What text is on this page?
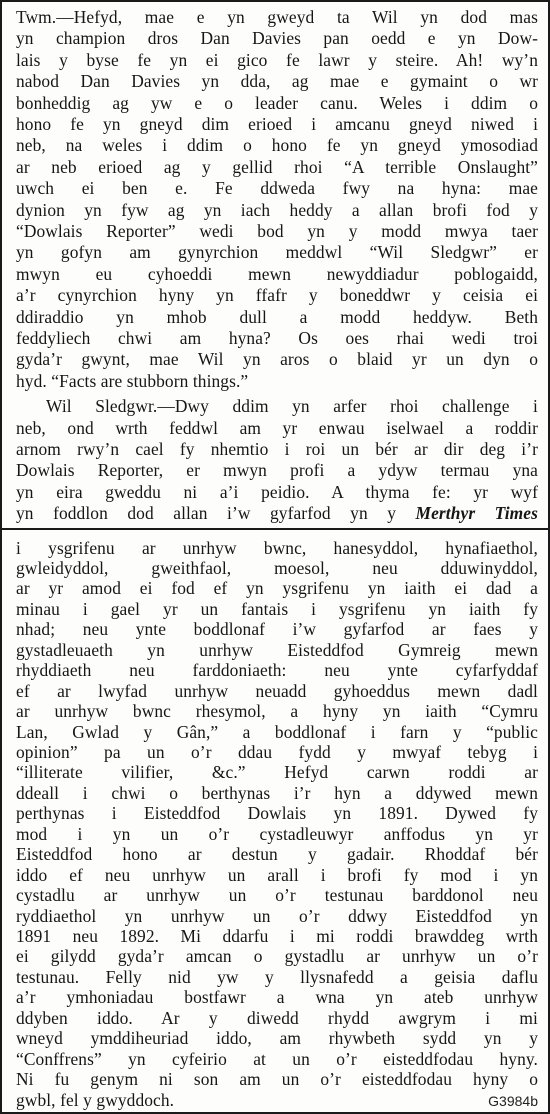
Twm.—Hefyd, mae e yn gweyd ta Wil yn dod mas
yn champion dros Dan Davies pan oedd e yn Dow-
lais y byse fe yn ei gico fe lawr y steire. Ah! wy’n
nabod Dan Davies yn dda, ag mae e gymaint o wr
bonheddig ag yw e o leader canu. Weles i ddim o
hono fe yn gneyd dim erioed i amcanu gneyd niwed i
neb, na weles i ddim o hono fe yn gneyd ymosodiad
ar neb erioed ag y gellid rhoi “A terrible Onslaught”
uwch ei ben e. Fe ddweda fwy na hyna: mae
dynion yn fyw ag yn iach heddy a allan brofi fod y
“Dowlais Reporter” wedi bod yn y modd mwya taer
yn gofyn am gynyrchion meddwl “Wil Sledgwr” er
mwyn eu cyhoeddi mewn newyddiadur poblogaidd,
a’r cynyrchion hyny yn ffafr y boneddwr y ceisia ei
ddiraddio yn mhob dull a modd heddyw. Beth
feddyliech chwi am hyna? Os oes rhai wedi troi
gyda’r gwynt, mae Wil yn aros o blaid yr un dyn o
hyd. “Facts are stubborn things.”
Wil Sledgwr.—Dwy ddim yn arfer rhoi challenge i
neb, ond wrth feddwl am yr enwau iselwael a roddir
arnom rwy’n cael fy nhemtio i roi un bér ar dir deg i’r
Dowlais Reporter, er mwyn profi a ydyw termau yna
yn eira gweddu ni a’i peidio. A thyma fe: yr wyf
yn foddlon dod allan i’w gyfarfod yn y Merthyr Times
i ysgrifenu ar unrhyw bwnc, hanesyddol, hynafiaethol,
gwleidyddol, gweithfaol, moesol, neu dduwinyddol,
ar yr amod ei fod ef yn ysgrifenu yn iaith ei dad a
minau i gael yr un fantais i ysgrifenu yn iaith fy
nhad; neu ynte boddlonaf i’w gyfarfod ar faes y
gystadleuaeth yn unrhyw Eisteddfod Gymreig mewn
rhyddiaeth neu farddoniaeth: neu ynte cyfarfyddaf
ef ar lwyfad unrhyw neuadd gyhoeddus mewn dadl
ar unrhyw bwnc rhesymol, a hyny yn iaith “Cymru
Lan, Gwlad y Gân,” a boddlonaf i farn y “public
opinion” pa un o’r ddau fydd y mwyaf tebyg i
“illiterate vilifier, &c.” Hefyd carwn roddi ar
ddeall i chwi o berthynas i’r hyn a ddywed mewn
perthynas i Eisteddfod Dowlais yn 1891. Dywed fy
mod i yn un o’r cystadleuwyr anffodus yn yr
Eisteddfod hono ar destun y gadair. Rhoddaf bér
iddo ef neu unrhyw un arall i brofi fy mod i yn
cystadlu ar unrhyw un o’r testunau barddonol neu
ryddiaethol yn unrhyw un o’r ddwy Eisteddfod yn
1891 neu 1892. Mi ddarfu i mi roddi brawddeg wrth
ei gilydd gyda’r amcan o gystadlu ar unrhyw un o’r
testunau. Felly nid yw y llysnafedd a geisia daflu
a’r ymhoniadau bostfawr a wna yn ateb unrhyw
ddyben iddo. Ar y diwedd rhydd awgrym i mi
wneyd ymddiheuriad iddo, am rhywbeth sydd yn y
“Conffrens” yn cyfeirio at un o’r eisteddfodau hyny.
Ni fu genym ni son am un o’r eisteddfodau hyny o
gwbl, fel y gwyddoch.	G3984b
